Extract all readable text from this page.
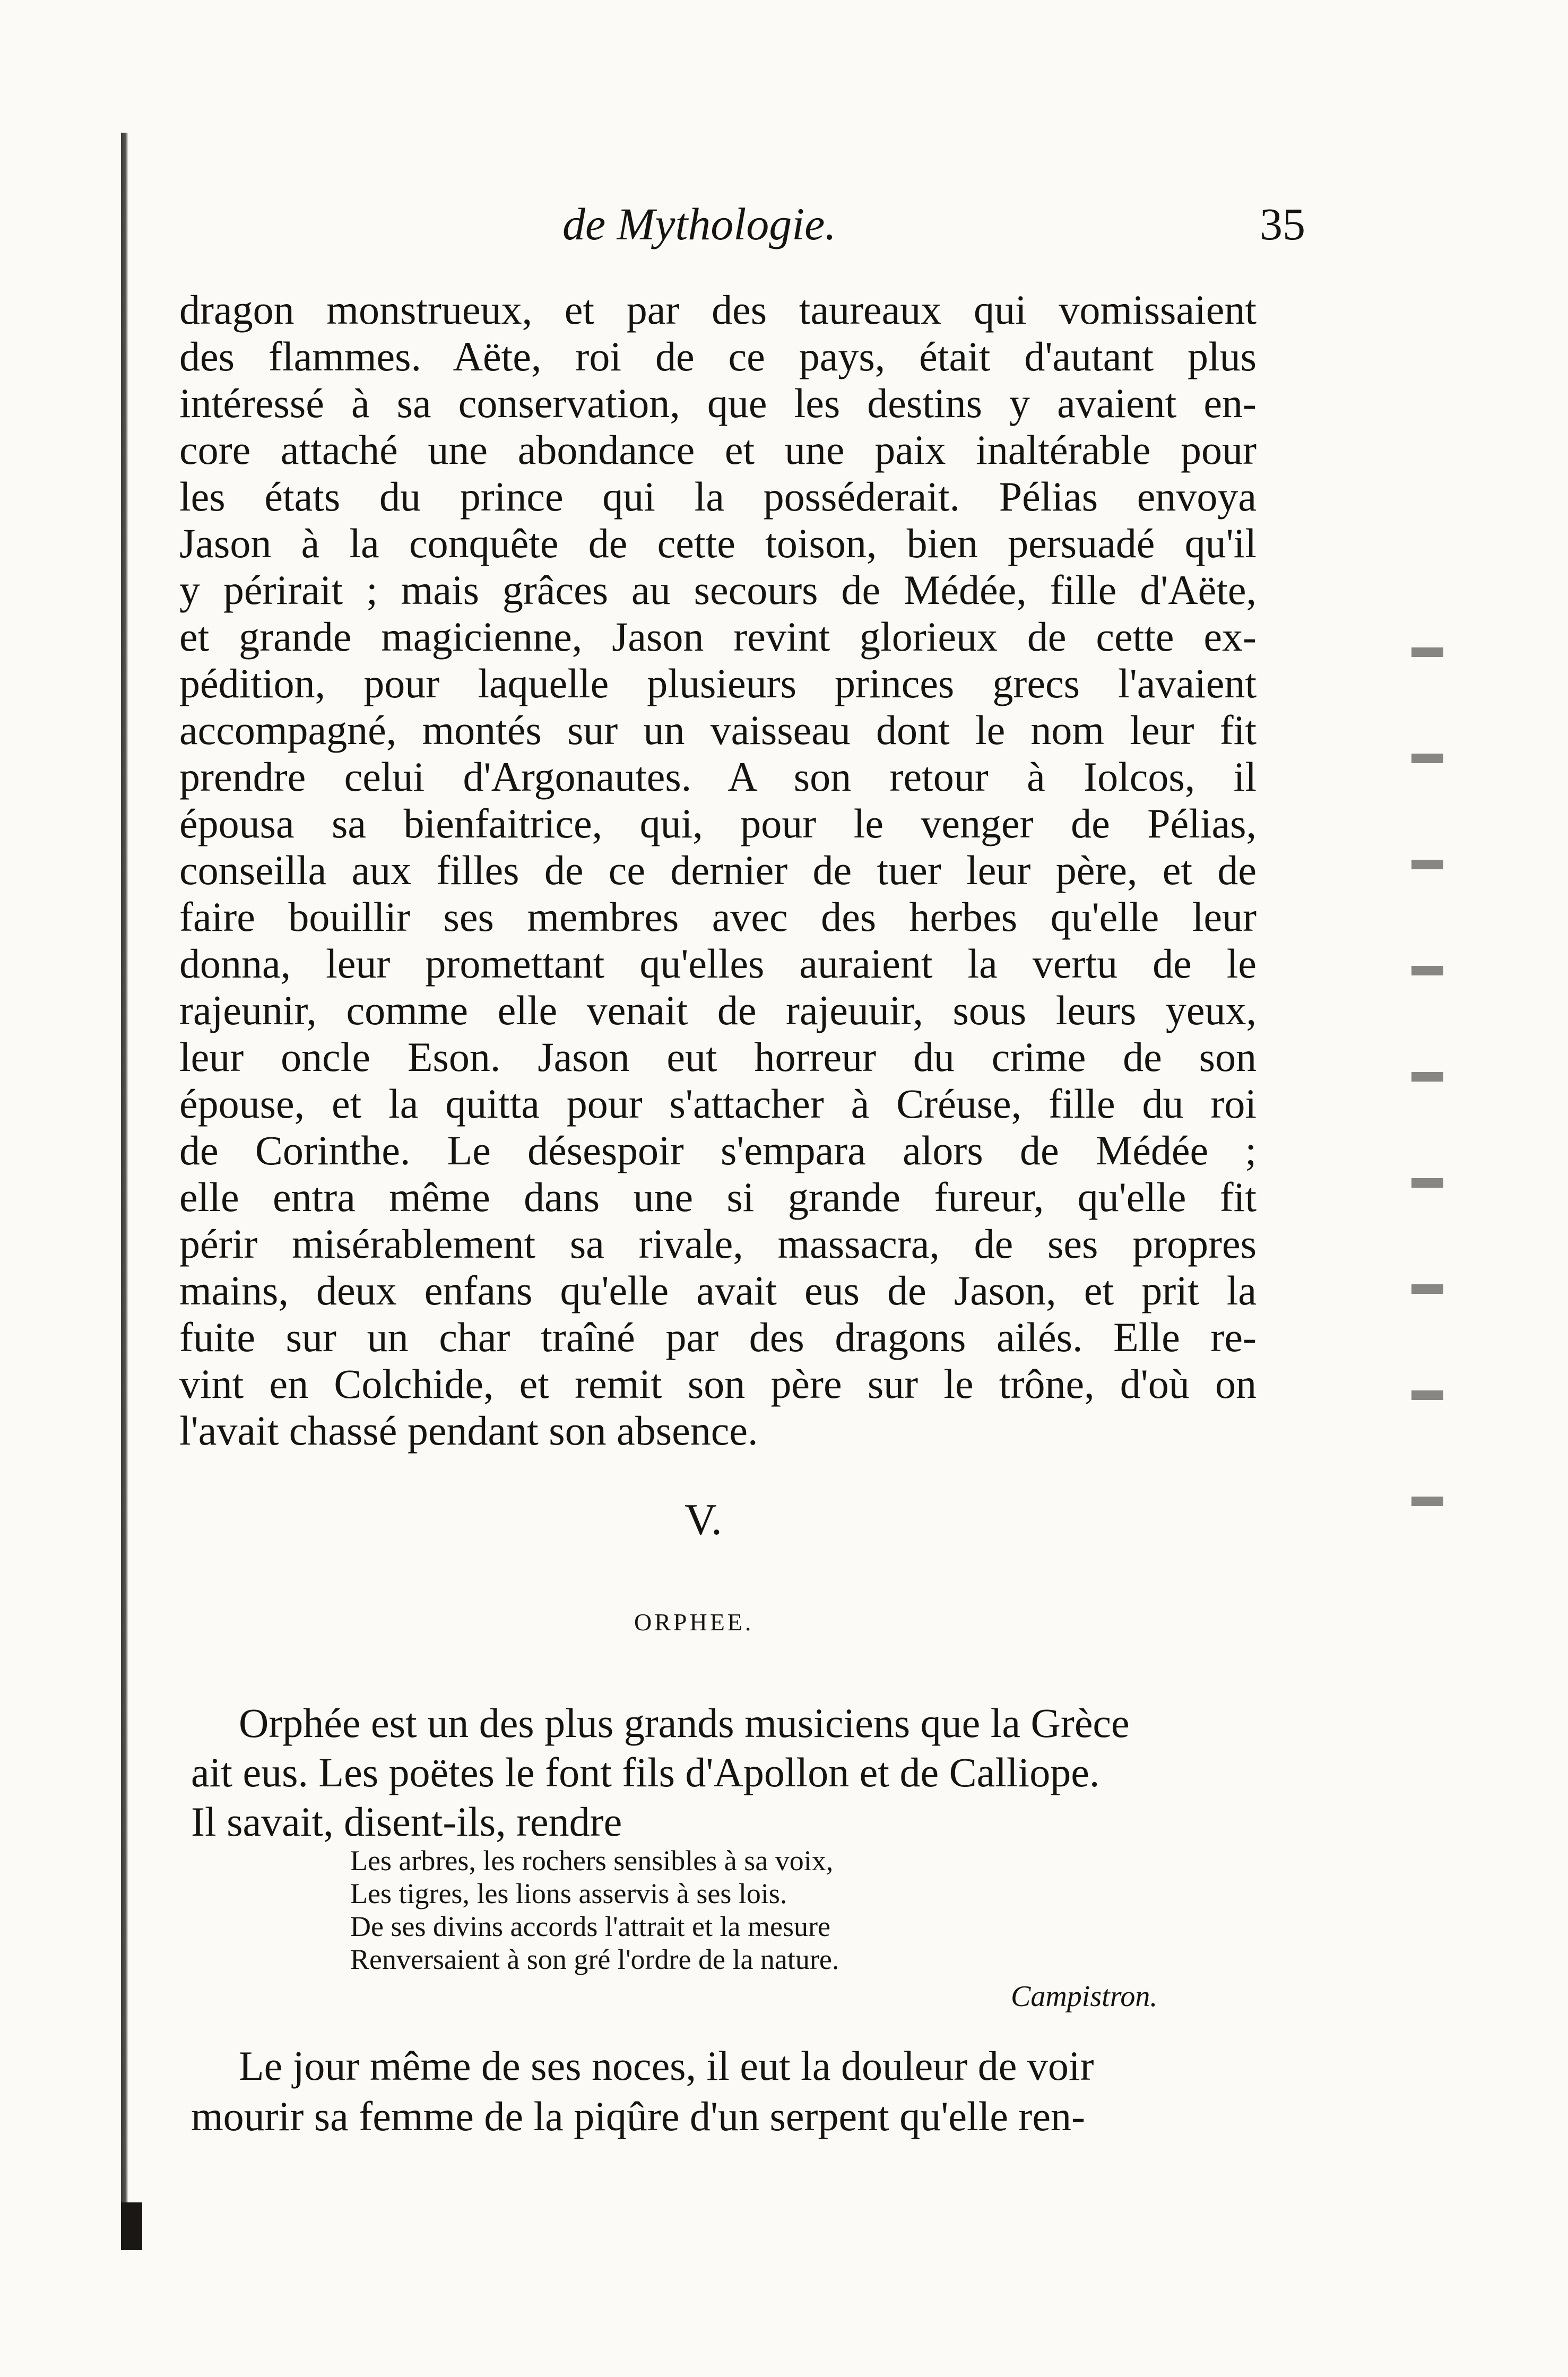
de Mythologie.	35
dragon monstrueux, et par des taureaux qui vomissaient
des flammes. Aëte, roi de ce pays, était d'autant plus
intéressé à sa conservation, que les destins y avaient en-
core attaché une abondance et une paix inaltérable pour
les états du prince qui la posséderait. Pélias envoya
Jason à la conquête de cette toison, bien persuadé qu'il
y périrait ; mais grâces au secours de Médée, fille d'Aëte,
et grande magicienne, Jason revint glorieux de cette ex-
pédition, pour laquelle plusieurs princes grecs l'avaient
accompagné, montés sur un vaisseau dont le nom leur fit
prendre celui d'Argonautes. A son retour à Iolcos, il
épousa sa bienfaitrice, qui, pour le venger de Pélias,
conseilla aux filles de ce dernier de tuer leur père, et de
faire bouillir ses membres avec des herbes qu'elle leur
donna, leur promettant qu'elles auraient la vertu de le
rajeunir, comme elle venait de rajeuuir, sous leurs yeux,
leur oncle Eson. Jason eut horreur du crime de son
épouse, et la quitta pour s'attacher à Créuse, fille du roi
de Corinthe. Le désespoir s'empara alors de Médée ;
elle entra même dans une si grande fureur, qu'elle fit
périr misérablement sa rivale, massacra, de ses propres
mains, deux enfans qu'elle avait eus de Jason, et prit la
fuite sur un char traîné par des dragons ailés. Elle re-
vint en Colchide, et remit son père sur le trône, d'où on
l'avait chassé pendant son absence.
V.
ORPHEE.
Orphée est un des plus grands musiciens que la Grèce
ait eus. Les poëtes le font fils d'Apollon et de Calliope.
Il savait, disent-ils, rendre
Les arbres, les rochers sensibles à sa voix,
Les tigres, les lions asservis à ses lois.
De ses divins accords l'attrait et la mesure
Renversaient à son gré l'ordre de la nature.
Campistron.
Le jour même de ses noces, il eut la douleur de voir
mourir sa femme de la piqûre d'un serpent qu'elle ren-
